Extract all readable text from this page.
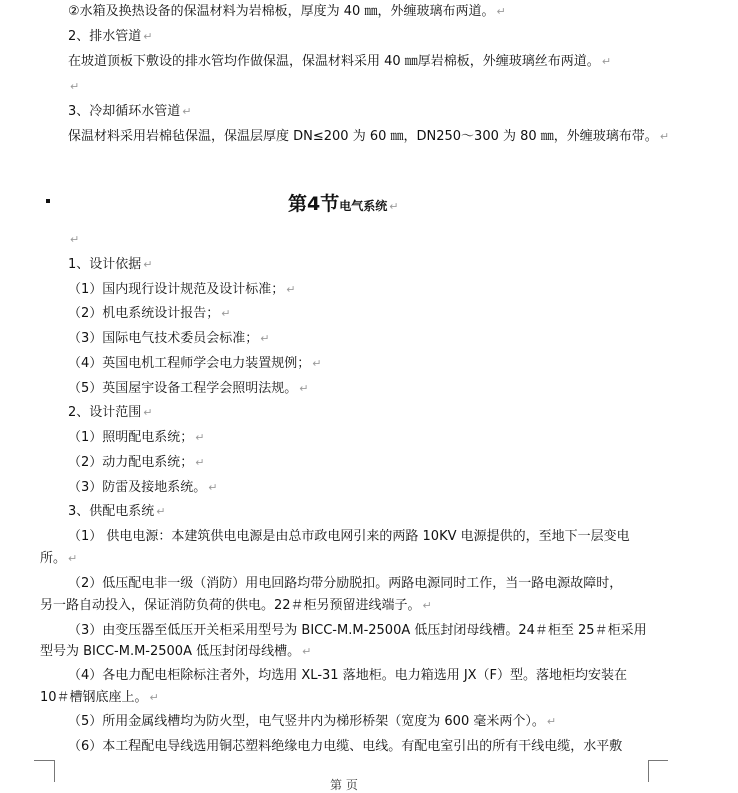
②水箱及换热设备的保温材料为岩棉板，厚度为 40 ㎜，外缠玻璃布两道。 ↵
2、排水管道 ↵
在坡道顶板下敷设的排水管均作做保温，保温材料采用 40 ㎜厚岩棉板，外缠玻璃丝布两道。 ↵
↵
3、冷却循环水管道 ↵
保温材料采用岩棉毡保温，保温层厚度 DN≤200 为 60 ㎜，DN250～300 为 80 ㎜，外缠玻璃布带。 ↵
第4节电气系统 ↵
↵
1、设计依据 ↵
（1）国内现行设计规范及设计标准； ↵
（2）机电系统设计报告； ↵
（3）国际电气技术委员会标准； ↵
（4）英国电机工程师学会电力装置规例； ↵
（5）英国屋宇设备工程学会照明法规。 ↵
2、设计范围 ↵
（1）照明配电系统； ↵
（2）动力配电系统； ↵
（3）防雷及接地系统。 ↵
3、供配电系统 ↵
（1） 供电电源：本建筑供电电源是由总市政电网引来的两路 10KV 电源提供的，至地下一层变电
所。 ↵
（2）低压配电非一级（消防）用电回路均带分励脱扣。两路电源同时工作，当一路电源故障时，
另一路自动投入，保证消防负荷的供电。22＃柜另预留进线端子。 ↵
（3）由变压器至低压开关柜采用型号为 BICC-M.M-2500A 低压封闭母线槽。24＃柜至 25＃柜采用
型号为 BICC-M.M-2500A 低压封闭母线槽。 ↵
（4）各电力配电柜除标注者外，均选用 XL-31 落地柜。电力箱选用 JX（F）型。落地柜均安装在
10＃槽钢底座上。 ↵
（5）所用金属线槽均为防火型，电气竖井内为梯形桥架（宽度为 600 毫米两个）。 ↵
（6）本工程配电导线选用铜芯塑料绝缘电力电缆、电线。有配电室引出的所有干线电缆，水平敷
第 页
